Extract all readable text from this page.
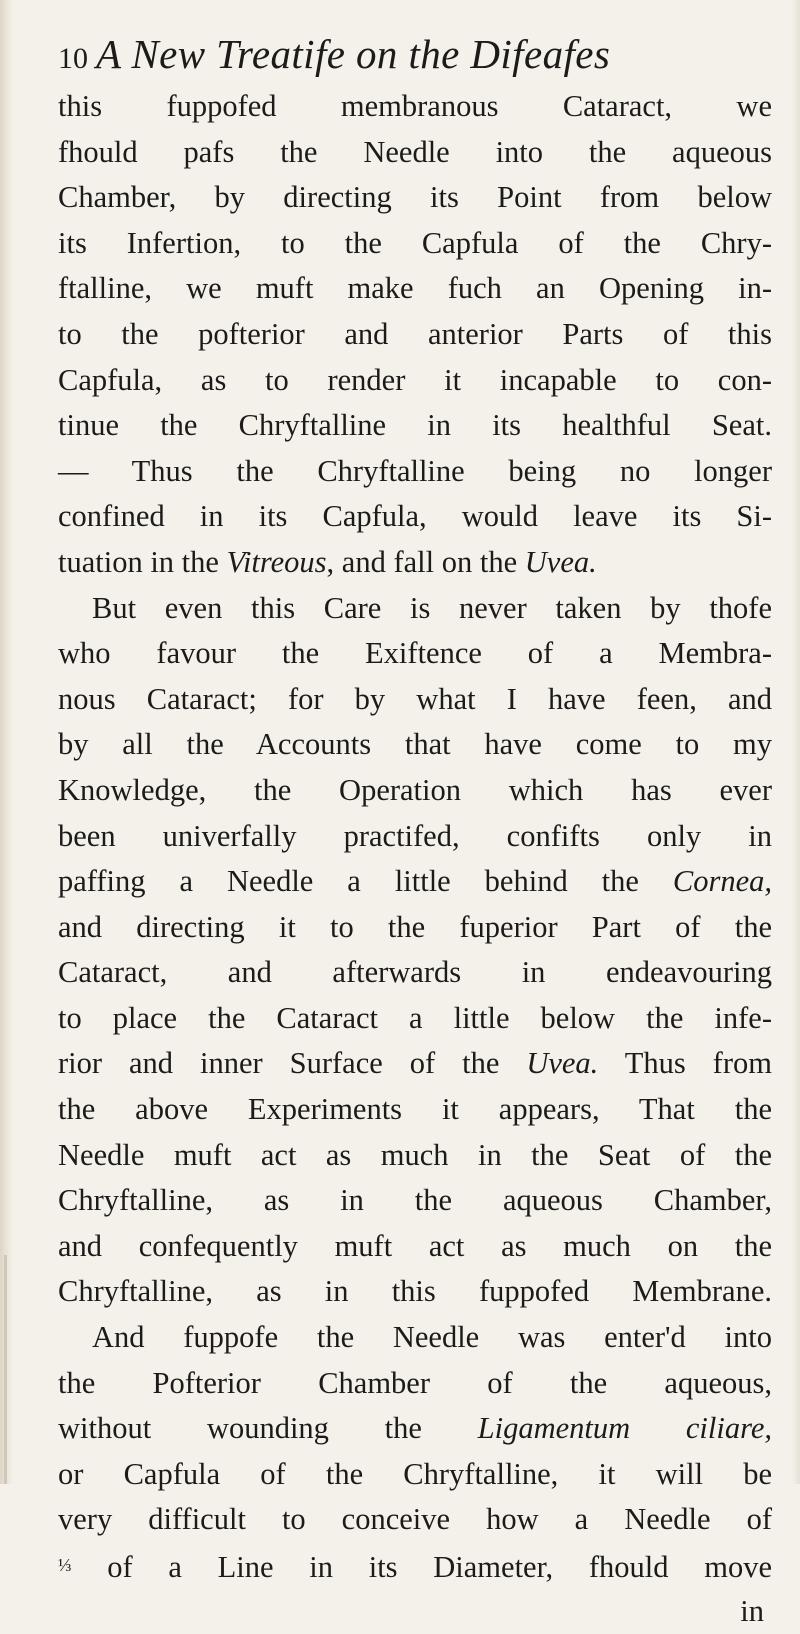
10 A New Treatife on the Difeafes
this fuppofed membranous Cataract, we
fhould pafs the Needle into the aqueous
Chamber, by directing its Point from below
its Infertion, to the Capfula of the Chry-
ftalline, we muft make fuch an Opening in-
to the pofterior and anterior Parts of this
Capfula, as to render it incapable to con-
tinue the Chryftalline in its healthful Seat.
— Thus the Chryftalline being no longer
confined in its Capfula, would leave its Si-
tuation in the Vitreous, and fall on the Uvea.
But even this Care is never taken by thofe
who favour the Exiftence of a Membra-
nous Cataract; for by what I have feen, and
by all the Accounts that have come to my
Knowledge, the Operation which has ever
been univerfally practifed, confifts only in
paffing a Needle a little behind the Cornea,
and directing it to the fuperior Part of the
Cataract, and afterwards in endeavouring
to place the Cataract a little below the infe-
rior and inner Surface of the Uvea. Thus from
the above Experiments it appears, That the
Needle muft act as much in the Seat of the
Chryftalline, as in the aqueous Chamber,
and confequently muft act as much on the
Chryftalline, as in this fuppofed Membrane.
And fuppofe the Needle was enter'd into
the Pofterior Chamber of the aqueous,
without wounding the Ligamentum ciliare,
or Capfula of the Chryftalline, it will be
very difficult to conceive how a Needle of
⅓ of a Line in its Diameter, fhould move
in
